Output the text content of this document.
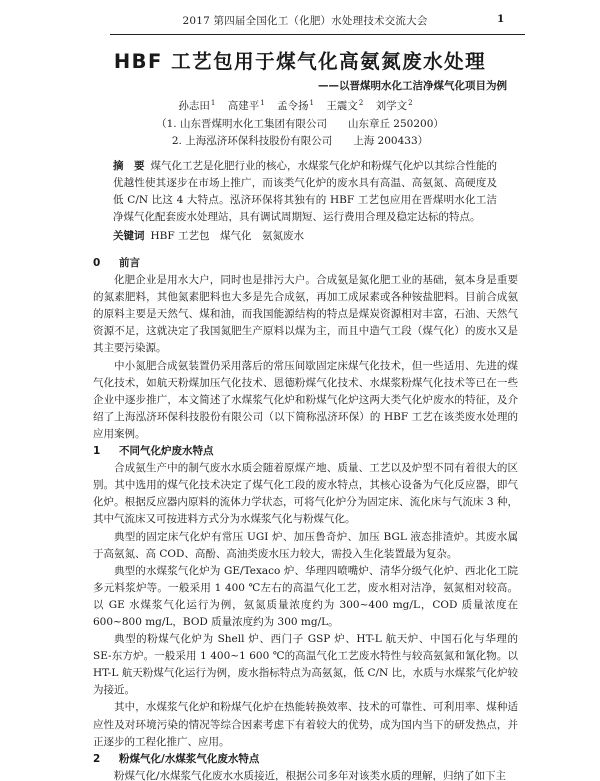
2017 第四届全国化工（化肥）水处理技术交流大会	1
HBF 工艺包用于煤气化高氨氮废水处理
——以晋煤明水化工洁净煤气化项目为例
孙志田$^1$ 高建平$^1$ 孟令扬$^1$ 王震文$^2$ 刘学文$^2$
（1. 山东晋煤明水化工集团有限公司　　山东章丘 250200）
2. 上海泓济环保科技股份有限公司　　上海 200433）
摘　要 煤气化工艺是化肥行业的核心，水煤浆气化炉和粉煤气化炉以其综合性能的优越性使其逐步在市场上推广，而该类气化炉的废水具有高温、高氨氮、高硬度及低 C/N 比这 4 大特点。泓济环保将其独有的 HBF 工艺包应用在晋煤明水化工洁净煤气化配套废水处理站，具有调试周期短、运行费用合理及稳定达标的特点。
关键词 HBF 工艺包　煤气化　氨氮废水
0 前言

化肥企业是用水大户，同时也是排污大户。合成氨是氮化肥工业的基础，氨本身是重要的氮素肥料，其他氮素肥料也大多是先合成氨，再加工成尿素或各种铵盐肥料。目前合成氨的原料主要是天然气、煤和油，而我国能源结构的特点是煤炭资源相对丰富，石油、天然气资源不足，这就决定了我国氮肥生产原料以煤为主，而且中造气工段（煤气化）的废水又是其主要污染源。

中小氮肥合成氨装置仍采用落后的常压间歇固定床煤气化技术，但一些适用、先进的煤气化技术，如航天粉煤加压气化技术、恩德粉煤气化技术、水煤浆粉煤气化技术等已在一些企业中逐步推广，本文简述了水煤浆气化炉和粉煤气化炉这两大类气化炉废水的特征，及介绍了上海泓济环保科技股份有限公司（以下简称泓济环保）的 HBF 工艺在该类废水处理的应用案例。

1 不同气化炉废水特点

合成氨生产中的制气废水水质会随着原煤产地、质量、工艺以及炉型不同有着很大的区别。其中选用的煤气化技术决定了煤气化工段的废水特点，其核心设备为气化反应器，即气化炉。根据反应器内原料的流体力学状态，可将气化炉分为固定床、流化床与气流床 3 种，其中气流床又可按进料方式分为水煤浆气化与粉煤气化。

典型的固定床气化炉有常压 UGI 炉、加压鲁奇炉、加压 BGL 液态排渣炉。其废水属于高氨氮、高 COD、高酚、高油类废水压力较大，需投入生化装置最为复杂。

典型的水煤浆气化炉为 GE/Texaco 炉、华理四喷嘴炉、清华分级气化炉、西北化工院多元料浆炉等。一般采用 1 400 ℃左右的高温气化工艺，废水相对洁净，氨氮相对较高。以 GE 水煤浆气化运行为例，氨氮质量浓度约为 300~400 mg/L，COD 质量浓度在 600~800 mg/L，BOD 质量浓度约为 300 mg/L。

典型的粉煤气化炉为 Shell 炉、西门子 GSP 炉、HT-L 航天炉、中国石化与华理的 SE-东方炉。一般采用 1 400~1 600 ℃的高温气化工艺废水特性与较高氨氮和氰化物。以 HT-L 航天粉煤气化运行为例，废水指标特点为高氨氮，低 C/N 比，水质与水煤浆气化炉较为接近。

其中，水煤浆气化炉和粉煤气化炉在热能转换效率、技术的可靠性、可利用率、煤种适应性及对环境污染的情况等综合因素考虑下有着较大的优势，成为国内当下的研发热点，并正逐步的工程化推广、应用。

2 粉煤气化/水煤浆气化废水特点

粉煤气化/水煤浆气化废水水质接近，根据公司多年对该类水质的理解，归纳了如下主
